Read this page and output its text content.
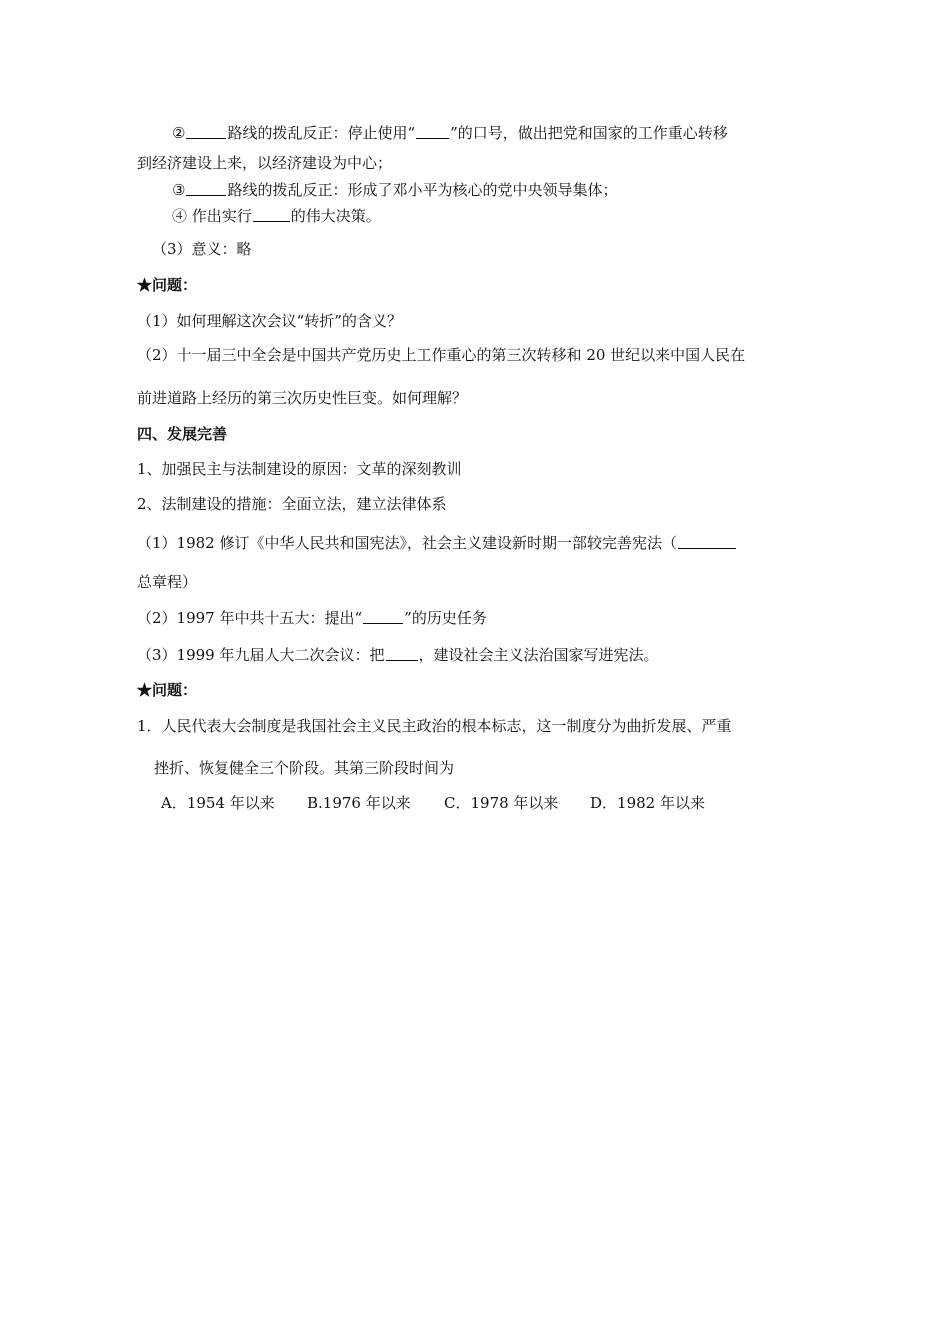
②	路线的拨乱反正：停止使用“ ”的口号，做出把党和国家的工作重心转移
到经济建设上来，以经济建设为中心；
③	路线的拨乱反正：形成了邓小平为核心的党中央领导集体；
④ 作出实行	的伟大决策。
（3）意义：略
★问题：
（1）如何理解这次会议“转折”的含义？
（2）十一届三中全会是中国共产党历史上工作重心的第三次转移和 20 世纪以来中国人民在
前进道路上经历的第三次历史性巨变。如何理解？
四、发展完善
1、加强民主与法制建设的原因：文革的深刻教训
2、法制建设的措施：全面立法，建立法律体系
（1）1982 修订《中华人民共和国宪法》，社会主义建设新时期一部较完善宪法（
总章程）
（2）1997 年中共十五大：提出“	”的历史任务
（3）1999 年九届人大二次会议：把 ，建设社会主义法治国家写进宪法。
★问题：
1．人民代表大会制度是我国社会主义民主政治的根本标志，这一制度分为曲折发展、严重
挫折、恢复健全三个阶段。其第三阶段时间为
A．1954 年以来 B.1976 年以来 C．1978 年以来 D．1982 年以来
